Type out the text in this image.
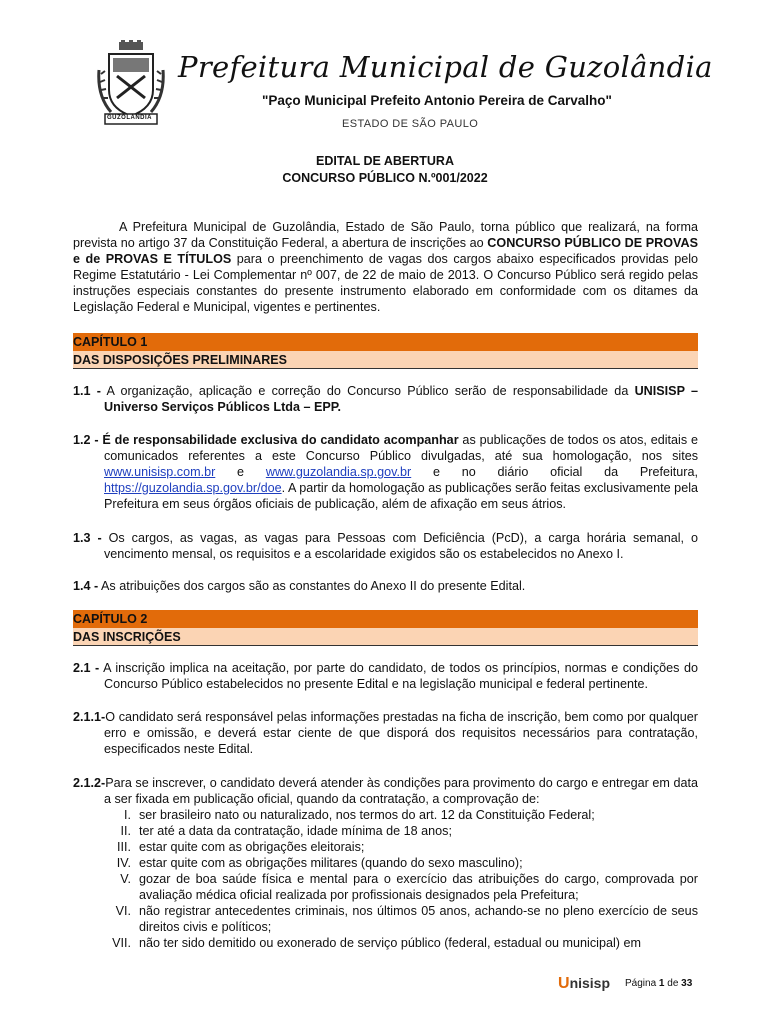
GUZOLANDIA
Prefeitura Municipal de Guzolândia
"Paço Municipal Prefeito Antonio Pereira de Carvalho"
ESTADO DE SÃO PAULO
EDITAL DE ABERTURA
CONCURSO PÚBLICO N.º001/2022
A Prefeitura Municipal de Guzolândia, Estado de São Paulo, torna público que realizará, na forma prevista no artigo 37 da Constituição Federal, a abertura de inscrições ao CONCURSO PÚBLICO DE PROVAS e de PROVAS E TÍTULOS para o preenchimento de vagas dos cargos abaixo especificados providas pelo Regime Estatutário - Lei Complementar nº 007, de 22 de maio de 2013. O Concurso Público será regido pelas instruções especiais constantes do presente instrumento elaborado em conformidade com os ditames da Legislação Federal e Municipal, vigentes e pertinentes.
CAPÍTULO 1
DAS DISPOSIÇÕES PRELIMINARES
1.1 - A organização, aplicação e correção do Concurso Público serão de responsabilidade da UNISISP – Universo Serviços Públicos Ltda – EPP.
1.2 - É de responsabilidade exclusiva do candidato acompanhar as publicações de todos os atos, editais e comunicados referentes a este Concurso Público divulgadas, até sua homologação, nos sites www.unisisp.com.br e www.guzolandia.sp.gov.br e no diário oficial da Prefeitura, https://guzolandia.sp.gov.br/doe. A partir da homologação as publicações serão feitas exclusivamente pela Prefeitura em seus órgãos oficiais de publicação, além de afixação em seus átrios.
1.3 - Os cargos, as vagas, as vagas para Pessoas com Deficiência (PcD), a carga horária semanal, o vencimento mensal, os requisitos e a escolaridade exigidos são os estabelecidos no Anexo I.
1.4 - As atribuições dos cargos são as constantes do Anexo II do presente Edital.
CAPÍTULO 2
DAS INSCRIÇÕES
2.1 - A inscrição implica na aceitação, por parte do candidato, de todos os princípios, normas e condições do Concurso Público estabelecidos no presente Edital e na legislação municipal e federal pertinente.
2.1.1-O candidato será responsável pelas informações prestadas na ficha de inscrição, bem como por qualquer erro e omissão, e deverá estar ciente de que disporá dos requisitos necessários para contratação, especificados neste Edital.
2.1.2-Para se inscrever, o candidato deverá atender às condições para provimento do cargo e entregar em data a ser fixada em publicação oficial, quando da contratação, a comprovação de:
I. ser brasileiro nato ou naturalizado, nos termos do art. 12 da Constituição Federal;
II. ter até a data da contratação, idade mínima de 18 anos;
III. estar quite com as obrigações eleitorais;
IV. estar quite com as obrigações militares (quando do sexo masculino);
V. gozar de boa saúde física e mental para o exercício das atribuições do cargo, comprovada por avaliação médica oficial realizada por profissionais designados pela Prefeitura;
VI. não registrar antecedentes criminais, nos últimos 05 anos, achando-se no pleno exercício de seus direitos civis e políticos;
VII. não ter sido demitido ou exonerado de serviço público (federal, estadual ou municipal) em
Unisisp Página 1 de 33
